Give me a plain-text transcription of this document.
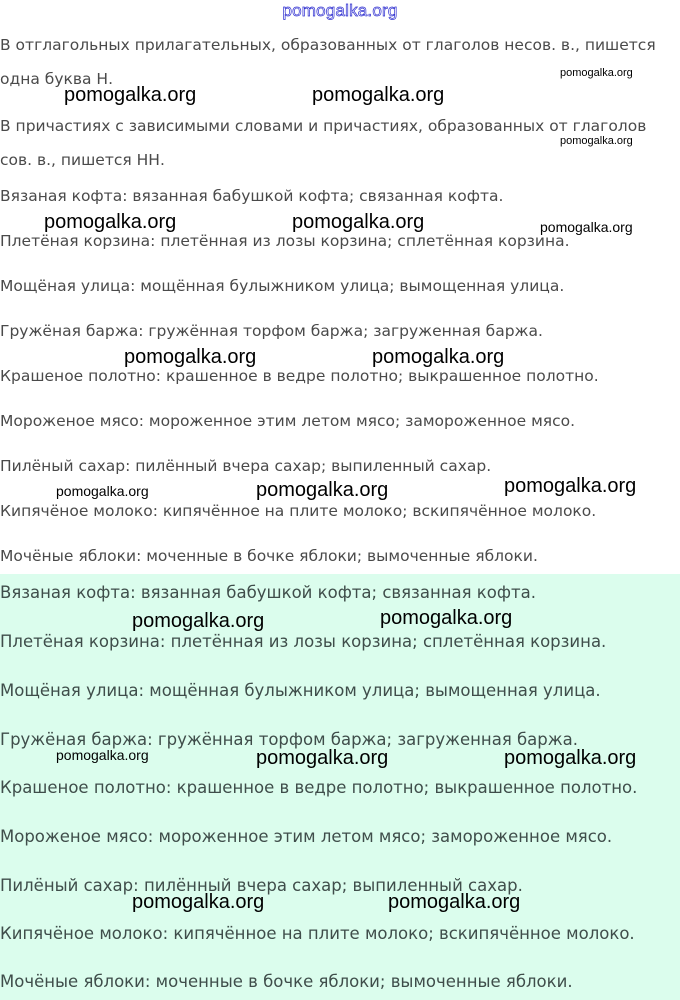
pomogalka.org

В отглагольных прилагательных, образованных от глаголов несов. в., пишется

одна буква Н.

В причастиях с зависимыми словами и причастиях, образованных от глаголов

сов. в., пишется НН.

Вязаная кофта: вязанная бабушкой кофта; связанная кофта.

Плетёная корзина: плетённая из лозы корзина; сплетённая корзина.

Мощёная улица: мощённая булыжником улица; вымощенная улица.

Гружёная баржа: гружённая торфом баржа; загруженная баржа.

Крашеное полотно: крашенное в ведре полотно; выкрашенное полотно.

Мороженое мясо: мороженное этим летом мясо; замороженное мясо.

Пилёный сахар: пилённый вчера сахар; выпиленный сахар.

Кипячёное молоко: кипячённое на плите молоко; вскипячённое молоко.

Мочёные яблоки: моченные в бочке яблоки; вымоченные яблоки.

Вязаная кофта: вязанная бабушкой кофта; связанная кофта.

Плетёная корзина: плетённая из лозы корзина; сплетённая корзина.

Мощёная улица: мощённая булыжником улица; вымощенная улица.

Гружёная баржа: гружённая торфом баржа; загруженная баржа.

Крашеное полотно: крашенное в ведре полотно; выкрашенное полотно.

Мороженое мясо: мороженное этим летом мясо; замороженное мясо.

Пилёный сахар: пилённый вчера сахар; выпиленный сахар.

Кипячёное молоко: кипячённое на плите молоко; вскипячённое молоко.

Мочёные яблоки: моченные в бочке яблоки; вымоченные яблоки.

pomogalka.org
pomogalka.org	pomogalka.org
pomogalka.org
pomogalka.org	pomogalka.org	pomogalka.org
pomogalka.org	pomogalka.org
pomogalka.org	pomogalka.org	pomogalka.org
pomogalka.org	pomogalka.org
pomogalka.org	pomogalka.org	pomogalka.org
pomogalka.org	pomogalka.org
